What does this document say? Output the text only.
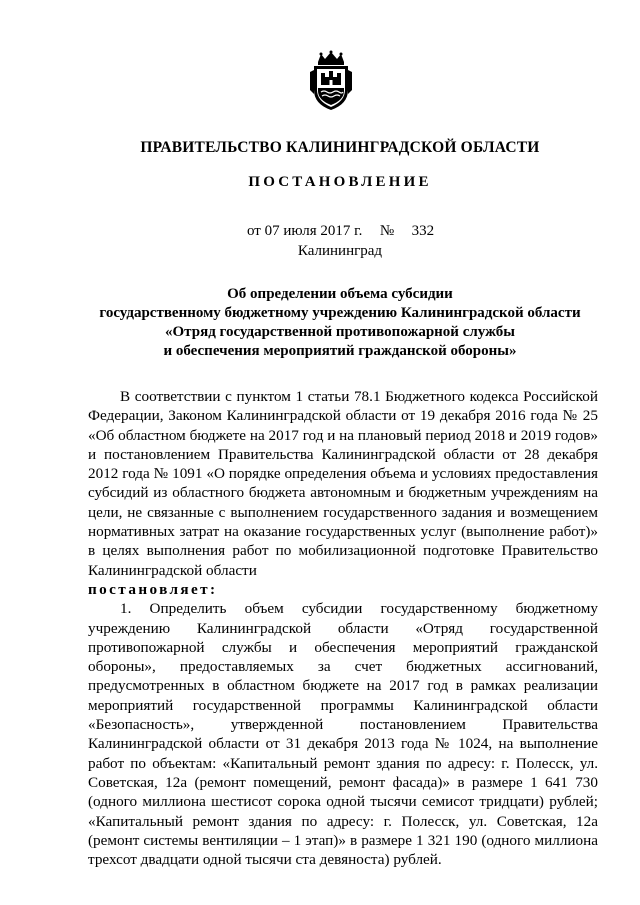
ПРАВИТЕЛЬСТВО КАЛИНИНГРАДСКОЙ ОБЛАСТИ
ПОСТАНОВЛЕНИЕ
от 07 июля 2017 г. № 332
Калининград
Об определении объема субсидии
государственному бюджетному учреждению Калининградской области
«Отряд государственной противопожарной службы
и обеспечения мероприятий гражданской обороны»

В соответствии с пунктом 1 статьи 78.1 Бюджетного кодекса Российской Федерации, Законом Калининградской области от 19 декабря 2016 года № 25 «Об областном бюджете на 2017 год и на плановый период 2018 и 2019 годов» и постановлением Правительства Калининградской области от 28 декабря 2012 года № 1091 «О порядке определения объема и условиях предоставления субсидий из областного бюджета автономным и бюджетным учреждениям на цели, не связанные с выполнением государственного задания и возмещением нормативных затрат на оказание государственных услуг (выполнение работ)» в целях выполнения работ по мобилизационной подготовке Правительство Калининградской области

постановляет:

1. Определить объем субсидии государственному бюджетному учреждению Калининградской области «Отряд государственной противопожарной службы и обеспечения мероприятий гражданской обороны», предоставляемых за счет бюджетных ассигнований, предусмотренных в областном бюджете на 2017 год в рамках реализации мероприятий государственной программы Калининградской области «Безопасность», утвержденной постановлением Правительства Калининградской области от 31 декабря 2013 года № 1024, на выполнение работ по объектам: «Капитальный ремонт здания по адресу: г. Полесск, ул. Советская, 12а (ремонт помещений, ремонт фасада)» в размере 1 641 730 (одного миллиона шестисот сорока одной тысячи семисот тридцати) рублей; «Капитальный ремонт здания по адресу: г. Полесск, ул. Советская, 12а (ремонт системы вентиляции – 1 этап)» в размере 1 321 190 (одного миллиона трехсот двадцати одной тысячи ста девяноста) рублей.
